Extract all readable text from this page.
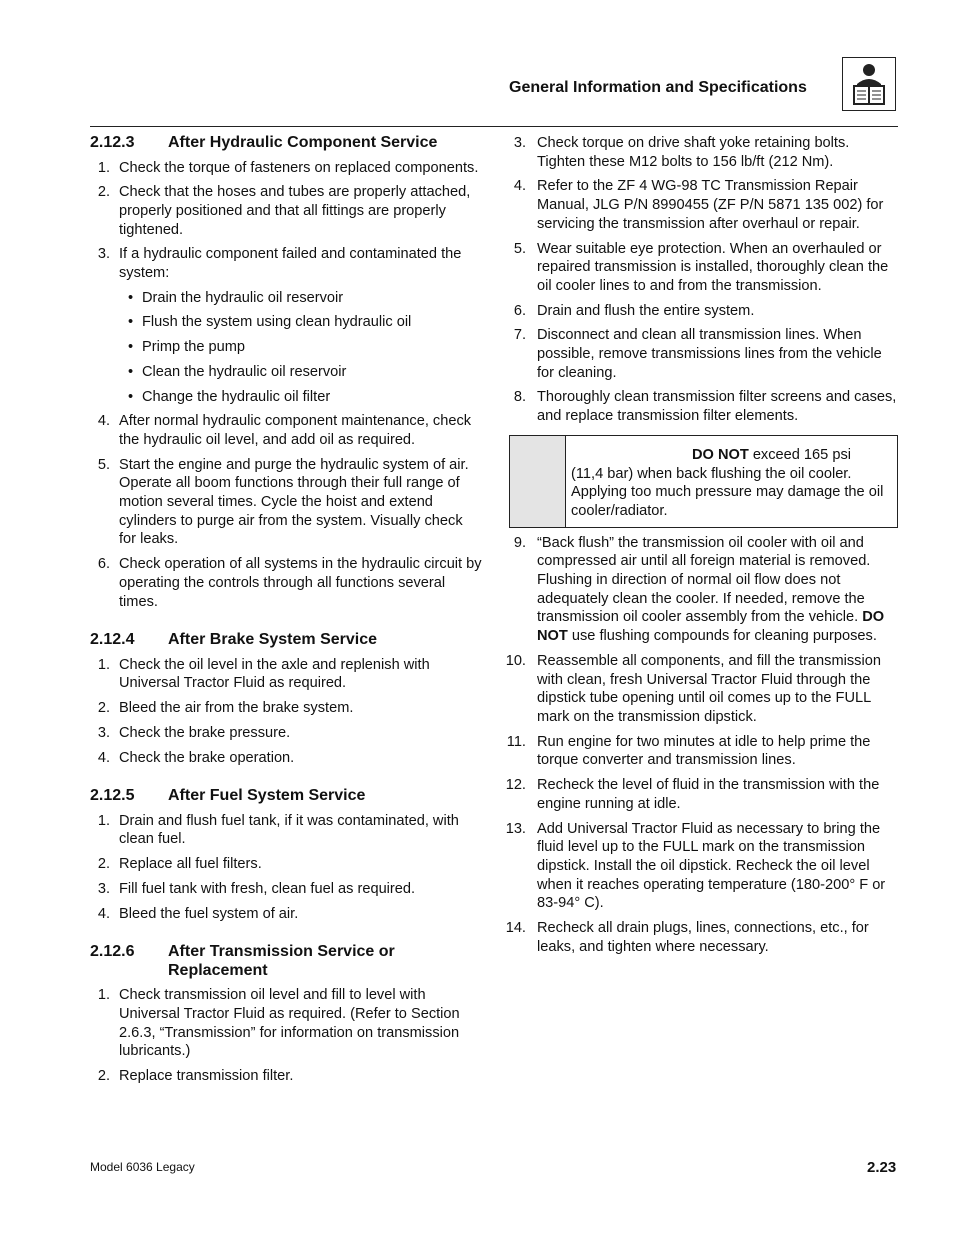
General Information and Specifications
2.12.3	After Hydraulic Component Service
1. Check the torque of fasteners on replaced components.
2. Check that the hoses and tubes are properly attached, properly positioned and that all fittings are properly tightened.
3. If a hydraulic component failed and contaminated the system:
• Drain the hydraulic oil reservoir
• Flush the system using clean hydraulic oil
• Primp the pump
• Clean the hydraulic oil reservoir
• Change the hydraulic oil filter
4. After normal hydraulic component maintenance, check the hydraulic oil level, and add oil as required.
5. Start the engine and purge the hydraulic system of air. Operate all boom functions through their full range of motion several times. Cycle the hoist and extend cylinders to purge air from the system. Visually check for leaks.
6. Check operation of all systems in the hydraulic circuit by operating the controls through all functions several times.
2.12.4	After Brake System Service
1. Check the oil level in the axle and replenish with Universal Tractor Fluid as required.
2. Bleed the air from the brake system.
3. Check the brake pressure.
4. Check the brake operation.
2.12.5	After Fuel System Service
1. Drain and flush fuel tank, if it was contaminated, with clean fuel.
2. Replace all fuel filters.
3. Fill fuel tank with fresh, clean fuel as required.
4. Bleed the fuel system of air.
2.12.6	After Transmission Service or Replacement
1. Check transmission oil level and fill to level with Universal Tractor Fluid as required. (Refer to Section 2.6.3, “Transmission” for information on transmission lubricants.)
2. Replace transmission filter.
3. Check torque on drive shaft yoke retaining bolts. Tighten these M12 bolts to 156 lb/ft (212 Nm).
4. Refer to the ZF 4 WG-98 TC Transmission Repair Manual, JLG P/N 8990455 (ZF P/N 5871 135 002) for servicing the transmission after overhaul or repair.
5. Wear suitable eye protection. When an overhauled or repaired transmission is installed, thoroughly clean the oil cooler lines to and from the transmission.
6. Drain and flush the entire system.
7. Disconnect and clean all transmission lines. When possible, remove transmissions lines from the vehicle for cleaning.
8. Thoroughly clean transmission filter screens and cases, and replace transmission filter elements.
DO NOT exceed 165 psi
(11,4 bar) when back flushing the oil cooler. Applying too much pressure may damage the oil cooler/radiator.
9. “Back flush” the transmission oil cooler with oil and compressed air until all foreign material is removed. Flushing in direction of normal oil flow does not adequately clean the cooler. If needed, remove the transmission oil cooler assembly from the vehicle. DO NOT use flushing compounds for cleaning purposes.
10. Reassemble all components, and fill the transmission with clean, fresh Universal Tractor Fluid through the dipstick tube opening until oil comes up to the FULL mark on the transmission dipstick.
11. Run engine for two minutes at idle to help prime the torque converter and transmission lines.
12. Recheck the level of fluid in the transmission with the engine running at idle.
13. Add Universal Tractor Fluid as necessary to bring the fluid level up to the FULL mark on the transmission dipstick. Install the oil dipstick. Recheck the oil level when it reaches operating temperature (180-200° F or 83-94° C).
14. Recheck all drain plugs, lines, connections, etc., for leaks, and tighten where necessary.
Model 6036 Legacy	2.23
